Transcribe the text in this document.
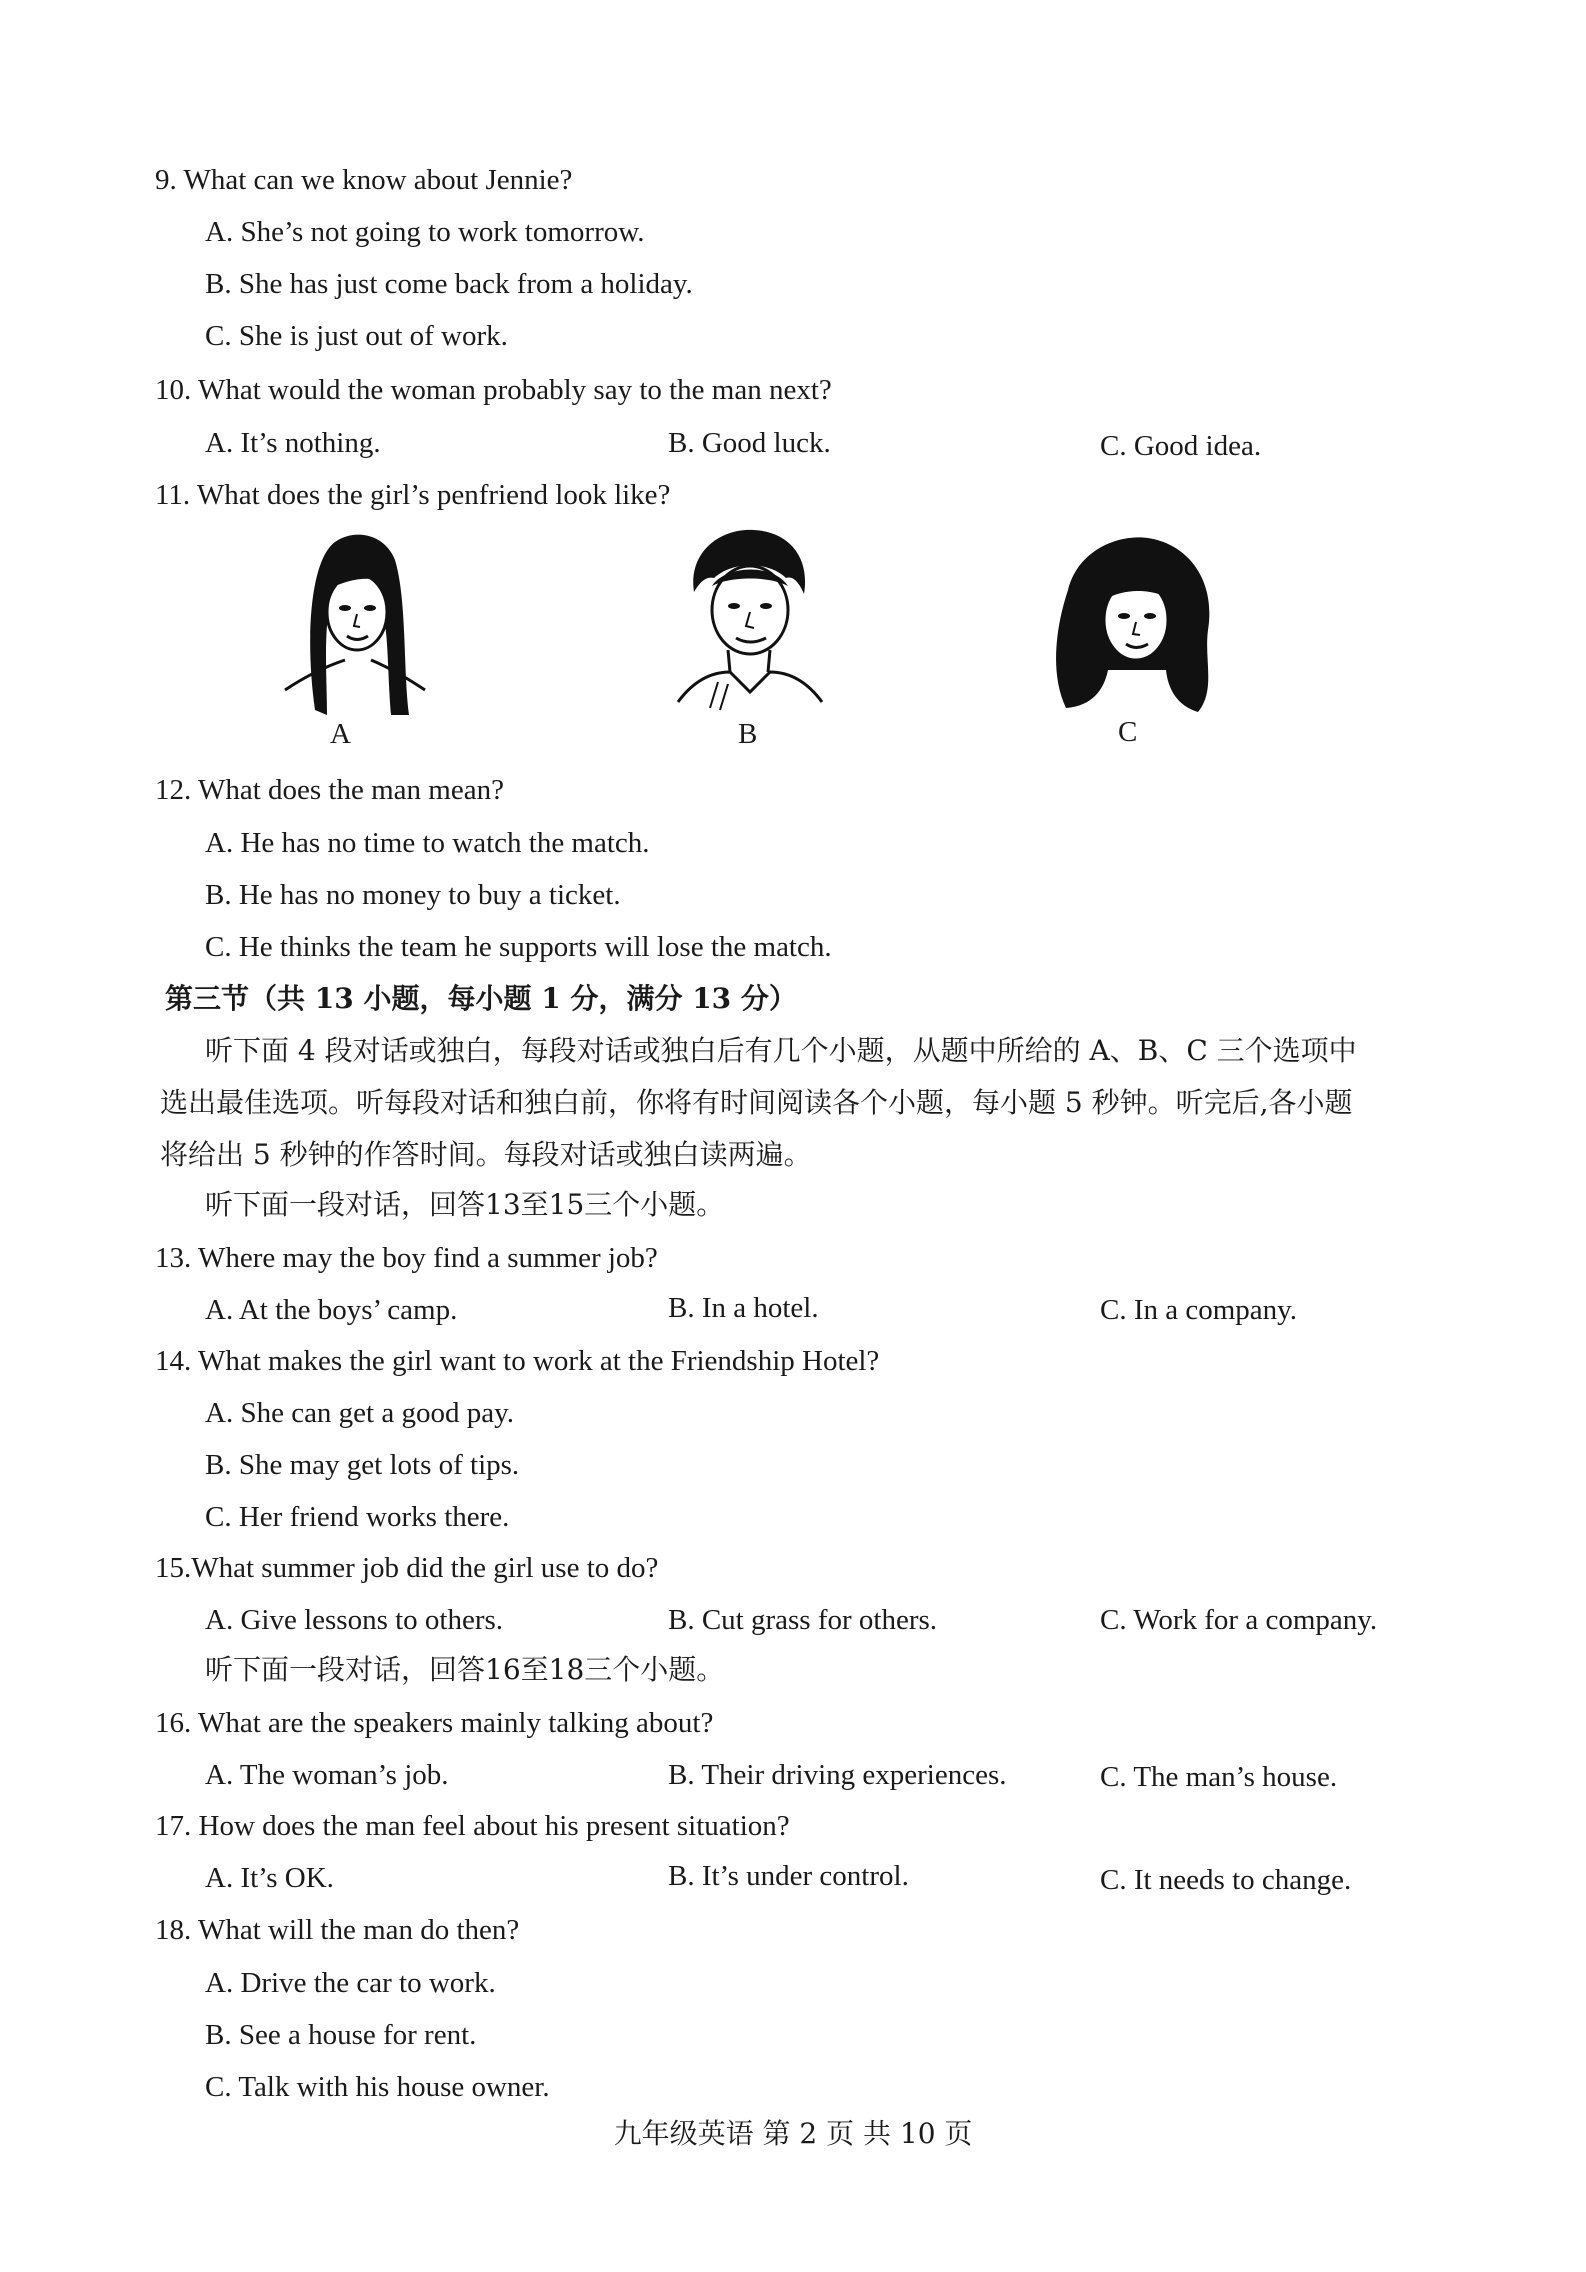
9. What can we know about Jennie?
A. She’s not going to work tomorrow.
B. She has just come back from a holiday.
C. She is just out of work.
10. What would the woman probably say to the man next?
A. It’s nothing.	B. Good luck.	C. Good idea.
11. What does the girl’s penfriend look like?
A	B	C
12. What does the man mean?
A. He has no time to watch the match.
B. He has no money to buy a ticket.
C. He thinks the team he supports will lose the match.
第三节（共 13 小题，每小题 1 分，满分 13 分）
听下面 4 段对话或独白，每段对话或独白后有几个小题，从题中所给的 A、B、C 三个选项中
选出最佳选项。听每段对话和独白前，你将有时间阅读各个小题，每小题 5 秒钟。听完后,各小题
将给出 5 秒钟的作答时间。每段对话或独白读两遍。
听下面一段对话，回答13至15三个小题。
13. Where may the boy find a summer job?
A. At the boys’ camp.	B. In a hotel.	C. In a company.
14. What makes the girl want to work at the Friendship Hotel?
A. She can get a good pay.
B. She may get lots of tips.
C. Her friend works there.
15.What summer job did the girl use to do?
A. Give lessons to others.	B. Cut grass for others.	C. Work for a company.
听下面一段对话，回答16至18三个小题。
16. What are the speakers mainly talking about?
A. The woman’s job.	B. Their driving experiences.	C. The man’s house.
17. How does the man feel about his present situation?
A. It’s OK.	B. It’s under control.	C. It needs to change.
18. What will the man do then?
A. Drive the car to work.
B. See a house for rent.
C. Talk with his house owner.
九年级英语 第 2 页 共 10 页
